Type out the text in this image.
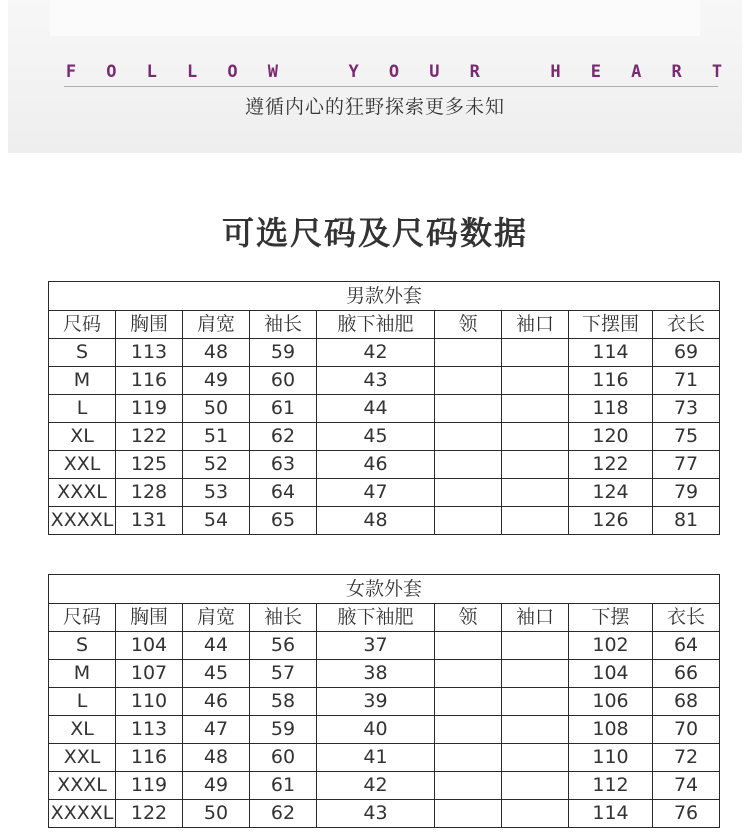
F O L L O W	Y O U R	H E A R T
遵循内心的狂野探索更多未知
可选尺码及尺码数据
男款外套								
尺码	胸围	肩宽	袖长	腋下袖肥	领	袖口	下摆围	衣长
S	113	48	59	42			114	69
M	116	49	60	43			116	71
L	119	50	61	44			118	73
XL	122	51	62	45			120	75
XXL	125	52	63	46			122	77
XXXL	128	53	64	47			124	79
XXXXL	131	54	65	48			126	81
女款外套								
尺码	胸围	肩宽	袖长	腋下袖肥	领	袖口	下摆	衣长
S	104	44	56	37			102	64
M	107	45	57	38			104	66
L	110	46	58	39			106	68
XL	113	47	59	40			108	70
XXL	116	48	60	41			110	72
XXXL	119	49	61	42			112	74
XXXXL	122	50	62	43			114	76
